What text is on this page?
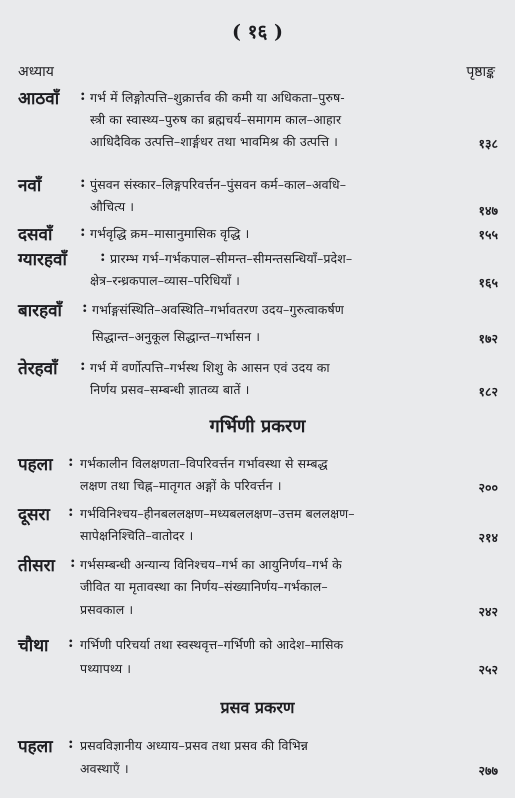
( १६ )
अध्याय	पृष्ठाङ्क
आठवाँ : गर्भ में लिङ्गोत्पत्ति–शुक्रार्त्तव की कमी या अधिकता–पुरुष-
स्त्री का स्वास्थ्य–पुरुष का ब्रह्मचर्य–समागम काल–आहार
आधिदैविक उत्पत्ति–शार्ङ्गधर तथा भावमिश्र की उत्पत्ति ।	१३८
नवाँ	: पुंसवन संस्कार–लिङ्गपरिवर्त्तन–पुंसवन कर्म–काल–अवधि–
औचित्य ।	१४७
दसवाँ : गर्भवृद्धि क्रम–मासानुमासिक वृद्धि ।	१५५
ग्यारहवाँ : प्रारम्भ गर्भ–गर्भकपाल–सीमन्त–सीमन्तसन्धियाँ–प्रदेश–
क्षेत्र–रन्ध्रकपाल–व्यास–परिधियाँ ।	१६५
बारहवाँ : गर्भाङ्गसंस्थिति–अवस्थिति–गर्भावतरण उदय–गुरुत्वाकर्षण
सिद्धान्त–अनुकूल सिद्धान्त–गर्भासन ।	१७२
तेरहवाँ : गर्भ में वर्णोत्पत्ति–गर्भस्थ शिशु के आसन एवं उदय का
निर्णय प्रसव–सम्बन्धी ज्ञातव्य बातें ।	१८२
गर्भिणी प्रकरण
पहला : गर्भकालीन विलक्षणता–विपरिवर्त्तन गर्भावस्था से सम्बद्ध
लक्षण तथा चिह्न–मातृगत अङ्गों के परिवर्त्तन ।	२००
दूसरा : गर्भविनिश्चय–हीनबललक्षण–मध्यबललक्षण–उत्तम बललक्षण–
सापेक्षनिश्चिति–वातोदर ।	२१४
तीसरा : गर्भसम्बन्धी अन्यान्य विनिश्चय–गर्भ का आयुनिर्णय–गर्भ के
जीवित या मृतावस्था का निर्णय–संख्यानिर्णय–गर्भकाल–
प्रसवकाल ।	२४२
चौथा : गर्भिणी परिचर्या तथा स्वस्थवृत्त–गर्भिणी को आदेश–मासिक
पथ्यापथ्य ।	२५२
प्रसव प्रकरण
पहला : प्रसवविज्ञानीय अध्याय–प्रसव तथा प्रसव की विभिन्न
अवस्थाएँ ।	२७७
